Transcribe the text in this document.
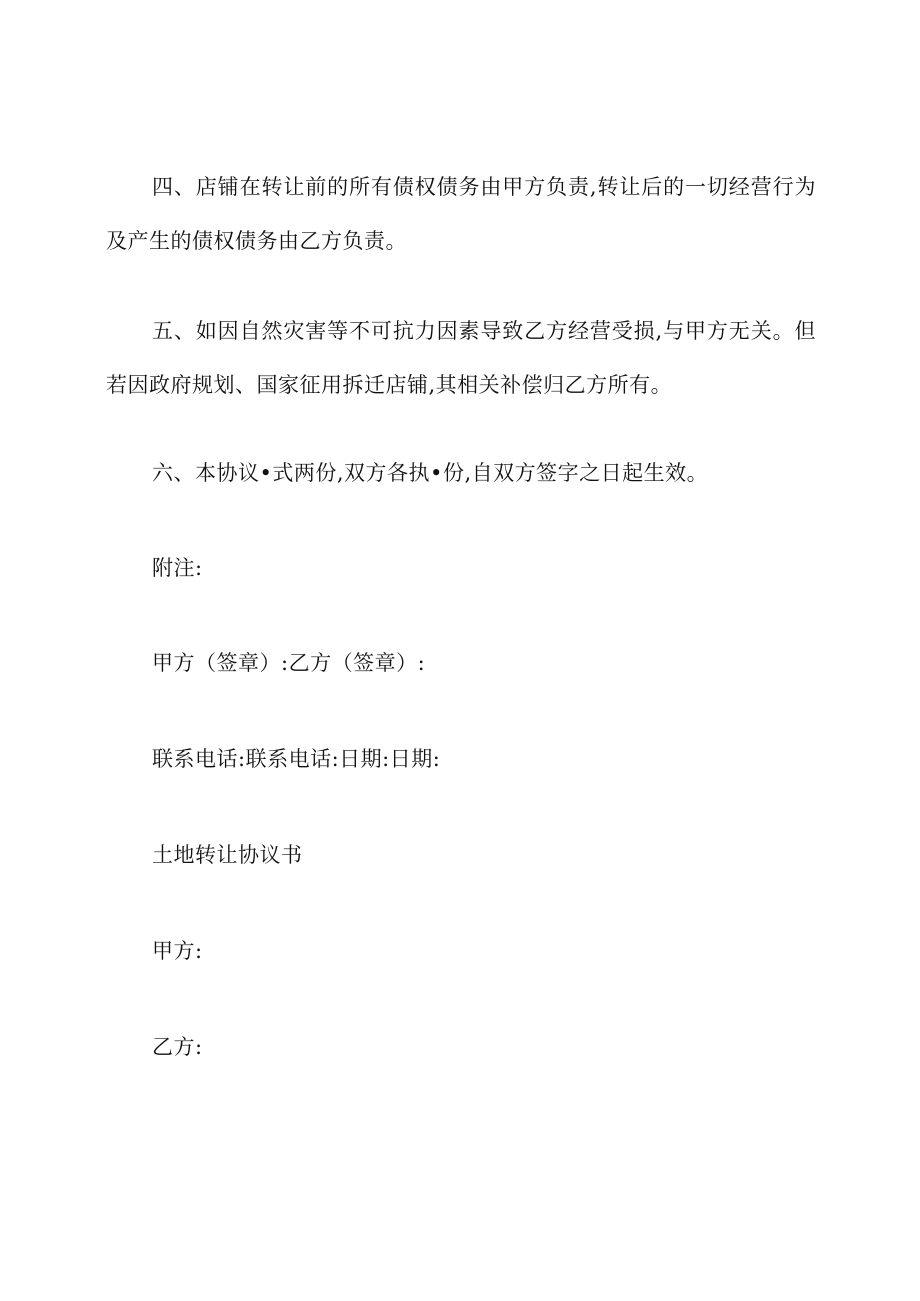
四、店铺在转让前的所有债权债务由甲方负责,转让后的一切经营行为及产生的债权债务由乙方负责。

五、如因自然灾害等不可抗力因素导致乙方经营受损,与甲方无关。但若因政府规划、国家征用拆迁店铺,其相关补偿归乙方所有。

六、本协议•式两份,双方各执•份,自双方签字之日起生效。

附注:

甲方（签章）:乙方（签章）:

联系电话:联系电话:日期:日期:

土地转让协议书

甲方:

乙方:
